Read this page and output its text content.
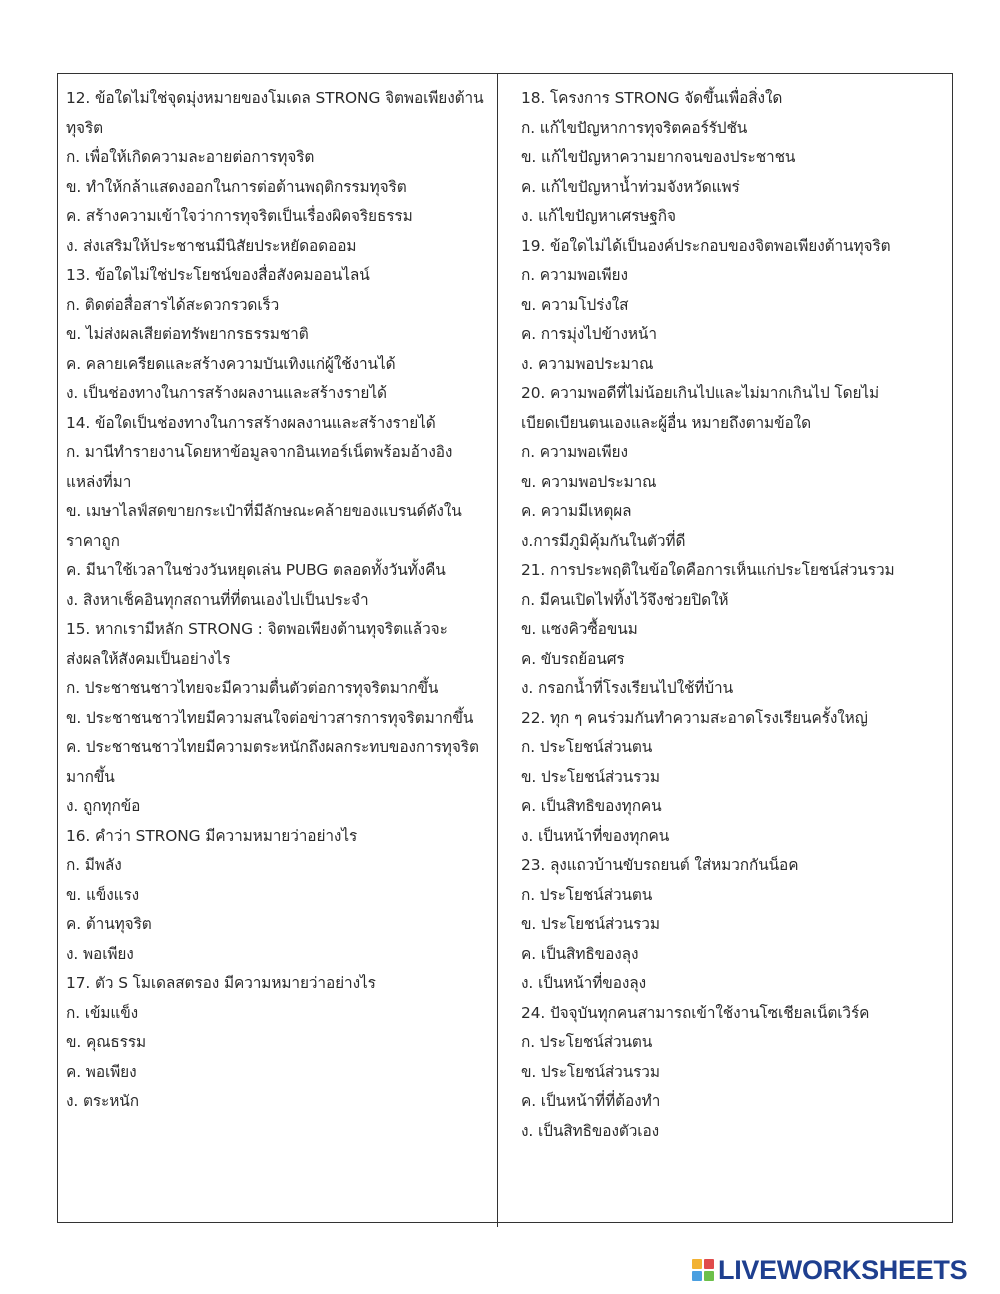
12. ข้อใดไม่ใช่จุดมุ่งหมายของโมเดล STRONG จิตพอเพียงต้าน
ทุจริต
ก. เพื่อให้เกิดความละอายต่อการทุจริต
ข. ทำให้กล้าแสดงออกในการต่อต้านพฤติกรรมทุจริต
ค. สร้างความเข้าใจว่าการทุจริตเป็นเรื่องผิดจริยธรรม
ง. ส่งเสริมให้ประชาชนมีนิสัยประหยัดอดออม
13. ข้อใดไม่ใช่ประโยชน์ของสื่อสังคมออนไลน์
ก. ติดต่อสื่อสารได้สะดวกรวดเร็ว
ข. ไม่ส่งผลเสียต่อทรัพยากรธรรมชาติ
ค. คลายเครียดและสร้างความบันเทิงแก่ผู้ใช้งานได้
ง. เป็นช่องทางในการสร้างผลงานและสร้างรายได้
14. ข้อใดเป็นช่องทางในการสร้างผลงานและสร้างรายได้
ก. มานีทำรายงานโดยหาข้อมูลจากอินเทอร์เน็ตพร้อมอ้างอิง
แหล่งที่มา
ข. เมษาไลฟ์สดขายกระเป๋าที่มีลักษณะคล้ายของแบรนด์ดังใน
ราคาถูก
ค. มีนาใช้เวลาในช่วงวันหยุดเล่น PUBG ตลอดทั้งวันทั้งคืน
ง. สิงหาเช็คอินทุกสถานที่ที่ตนเองไปเป็นประจำ
15. หากเรามีหลัก STRONG : จิตพอเพียงต้านทุจริตแล้วจะ
ส่งผลให้สังคมเป็นอย่างไร
ก. ประชาชนชาวไทยจะมีความตื่นตัวต่อการทุจริตมากขึ้น
ข. ประชาชนชาวไทยมีความสนใจต่อข่าวสารการทุจริตมากขึ้น
ค. ประชาชนชาวไทยมีความตระหนักถึงผลกระทบของการทุจริต
มากขึ้น
ง. ถูกทุกข้อ
16. คำว่า STRONG มีความหมายว่าอย่างไร
ก. มีพลัง
ข. แข็งแรง
ค. ต้านทุจริต
ง. พอเพียง
17. ตัว S โมเดลสตรอง มีความหมายว่าอย่างไร
ก. เข้มแข็ง
ข. คุณธรรม
ค. พอเพียง
ง. ตระหนัก
18. โครงการ STRONG จัดขึ้นเพื่อสิ่งใด
ก. แก้ไขปัญหาการทุจริตคอร์รัปชัน
ข. แก้ไขปัญหาความยากจนของประชาชน
ค. แก้ไขปัญหาน้ำท่วมจังหวัดแพร่
ง. แก้ไขปัญหาเศรษฐกิจ
19. ข้อใดไม่ได้เป็นองค์ประกอบของจิตพอเพียงต้านทุจริต
ก. ความพอเพียง
ข. ความโปร่งใส
ค. การมุ่งไปข้างหน้า
ง. ความพอประมาณ
20. ความพอดีที่ไม่น้อยเกินไปและไม่มากเกินไป โดยไม่
เบียดเบียนตนเองและผู้อื่น หมายถึงตามข้อใด
ก. ความพอเพียง
ข. ความพอประมาณ
ค. ความมีเหตุผล
ง.การมีภูมิคุ้มกันในตัวที่ดี
21. การประพฤติในข้อใดคือการเห็นแก่ประโยชน์ส่วนรวม
ก. มีคนเปิดไฟทิ้งไว้จึงช่วยปิดให้
ข. แซงคิวซื้อขนม
ค. ขับรถย้อนศร
ง. กรอกน้ำที่โรงเรียนไปใช้ที่บ้าน
22. ทุก ๆ คนร่วมกันทำความสะอาดโรงเรียนครั้งใหญ่
ก. ประโยชน์ส่วนตน
ข. ประโยชน์ส่วนรวม
ค. เป็นสิทธิของทุกคน
ง. เป็นหน้าที่ของทุกคน
23. ลุงแถวบ้านขับรถยนต์ ใส่หมวกกันน็อค
ก. ประโยชน์ส่วนตน
ข. ประโยชน์ส่วนรวม
ค. เป็นสิทธิของลุง
ง. เป็นหน้าที่ของลุง
24. ปัจจุบันทุกคนสามารถเข้าใช้งานโซเชียลเน็ตเวิร์ค
ก. ประโยชน์ส่วนตน
ข. ประโยชน์ส่วนรวม
ค. เป็นหน้าที่ที่ต้องทำ
ง. เป็นสิทธิของตัวเอง
LIVEWORKSHEETS
